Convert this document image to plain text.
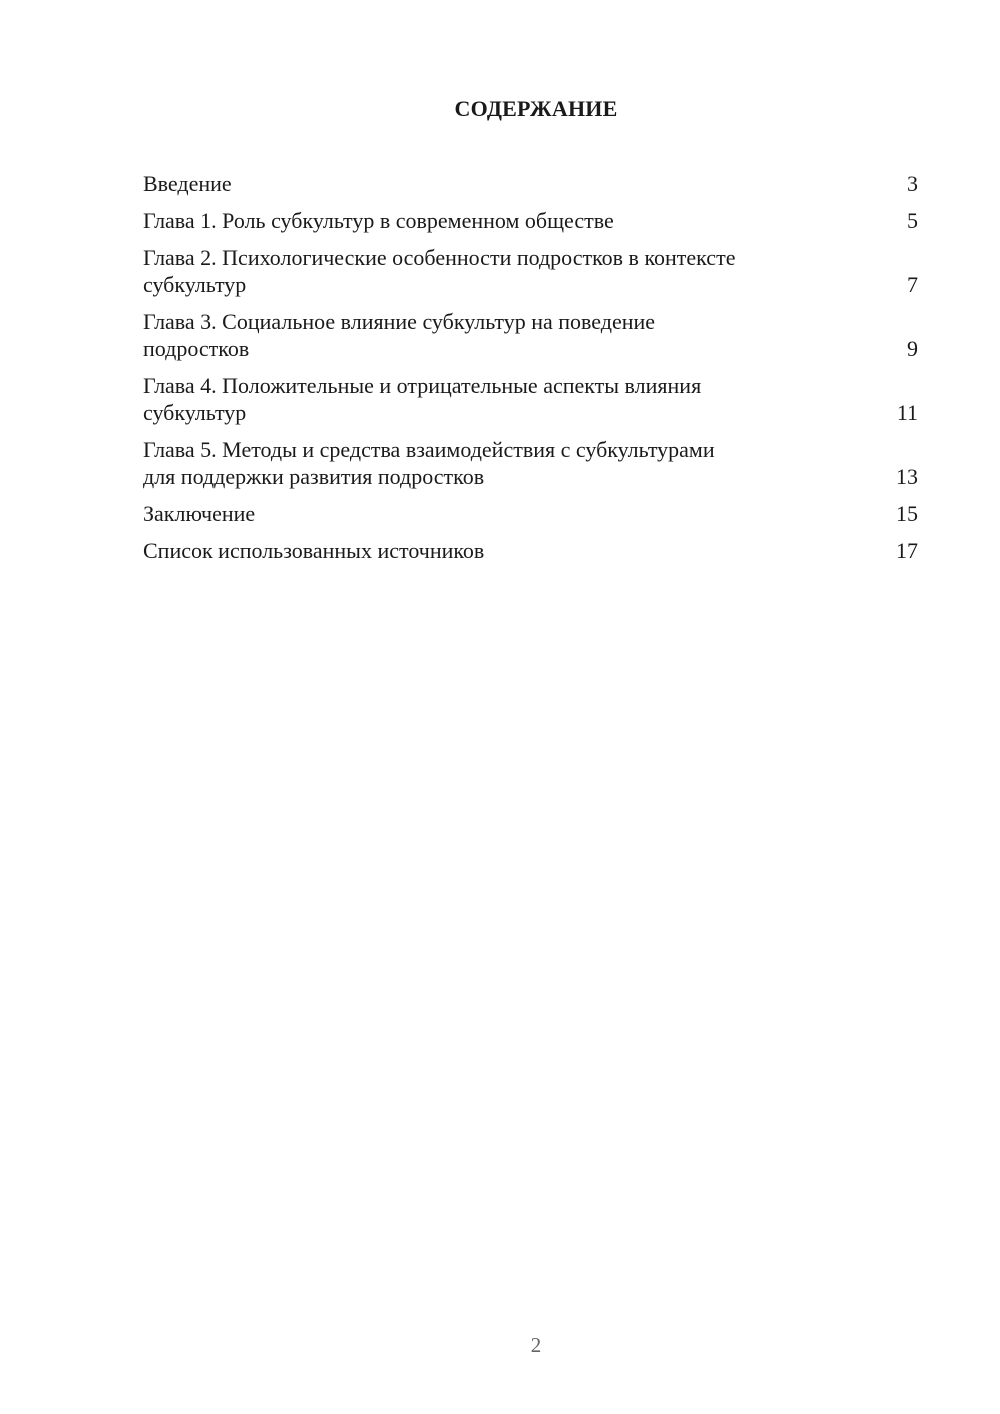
СОДЕРЖАНИЕ
Введение	3
Глава 1. Роль субкультур в современном обществе	5
Глава 2. Психологические особенности подростков в контексте
субкультур	7
Глава 3. Социальное влияние субкультур на поведение
подростков	9
Глава 4. Положительные и отрицательные аспекты влияния
субкультур	11
Глава 5. Методы и средства взаимодействия с субкультурами
для поддержки развития подростков	13
Заключение	15
Список использованных источников	17
2
